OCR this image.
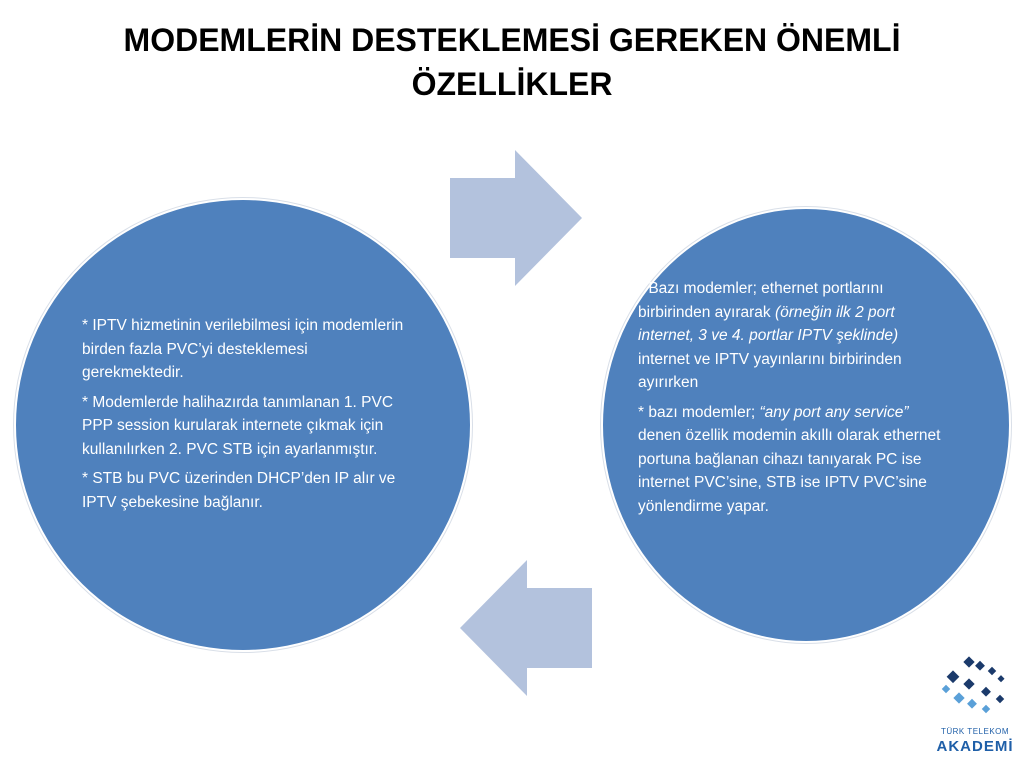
MODEMLERİN DESTEKLEMESİ GEREKEN ÖNEMLİ
ÖZELLİKLER

* IPTV hizmetinin verilebilmesi için modemlerin birden fazla PVC’yi desteklemesi gerekmektedir.

* Modemlerde halihazırda tanımlanan 1. PVC PPP session kurularak internete çıkmak için kullanılırken 2. PVC STB için ayarlanmıştır.

* STB bu PVC üzerinden DHCP’den IP alır ve IPTV şebekesine bağlanır.

* Bazı modemler; ethernet portlarını birbirinden ayırarak (örneğin ilk 2 port internet, 3 ve 4. portlar IPTV şeklinde) internet ve IPTV yayınlarını birbirinden ayırırken

* bazı modemler; “any port any service” denen özellik modemin akıllı olarak ethernet portuna bağlanan cihazı tanıyarak PC ise internet PVC’sine, STB ise IPTV PVC’sine yönlendirme yapar.

TÜRK TELEKOM
AKADEMİ
